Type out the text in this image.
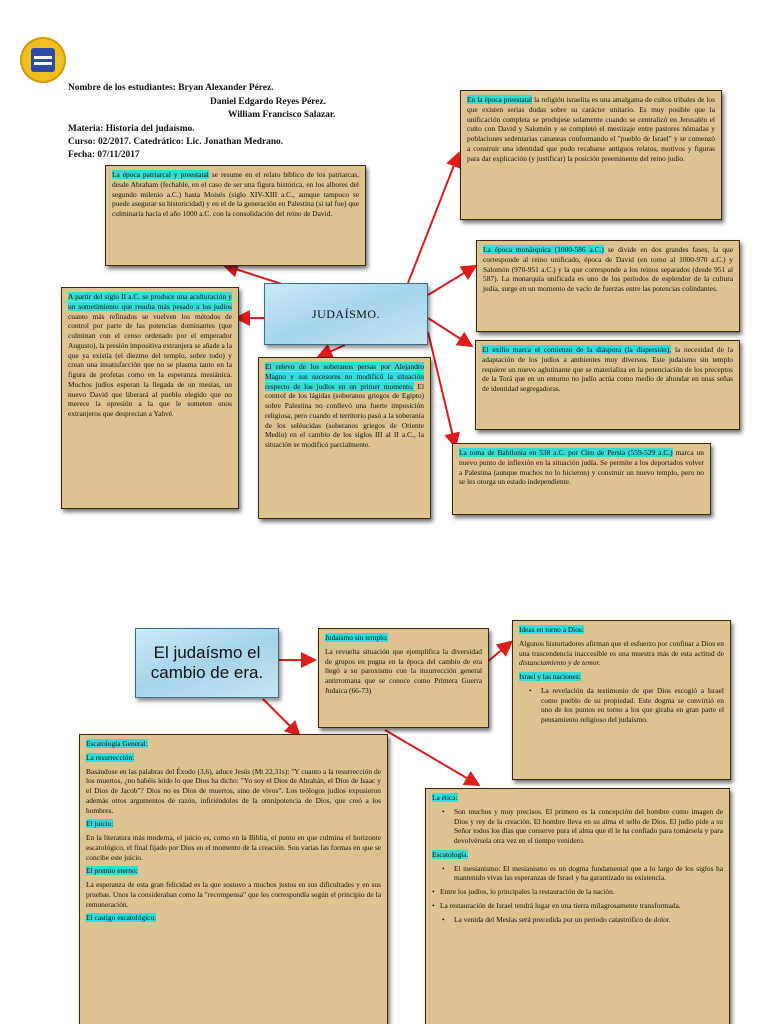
Nombre de los estudiantes: Bryan Alexander Pérez.
Daniel Edgardo Reyes Pérez.
William Francisco Salazar.
Materia: Historia del judaísmo.
Curso: 02/2017. Catedrático: Lic. Jonathan Medrano.
Fecha: 07/11/2017
JUDAÍSMO.
La época patriarcal y preestatal se resume en el relato bíblico de los patriarcas, desde Abraham (fechable, en el caso de ser una figura histórica, en los albores del segundo milenio a.C.) hasta Moisés (siglo XIV-XIII a.C., aunque tampoco se puede asegurar su historicidad) y en el de la generación en Palestina (si tal fue) que culminaría hacia el año 1000 a.C. con la consolidación del reino de David.
En la época preestatal la religión israelita es una amalgama de cultos tribales de los que existen serias dudas sobre su carácter unitario. Es muy posible que la unificación completa se produjese solamente cuando se centralizó en Jerusalén el culto con David y Salomón y se completó el mestizaje entre pastores nómadas y poblaciones sedentarias cananeas conformando el "pueblo de Israel" y se comenzó a construir una identidad que pudo recabarse antiguos relatos, motivos y figuras para dar explicación (y justificar) la posición preeminente del reino judío.
La época monárquica (1000-586 a.C.) se divide en dos grandes fases, la que corresponde al reino unificado, época de David (en torno al 1000-970 a.C.) y Salomón (970-951 a.C.) y la que corresponde a los reinos separados (desde 951 al 587). La monarquía unificada es uno de los períodos de esplendor de la cultura judía, surge en un momento de vacío de fuerzas entre las potencias colindantes.
El exilio marca el comienzo de la diáspora (la dispersión), la necesidad de la adaptación de los judíos a ambientes muy diversos. Este judaísmo sin templo requiere un nuevo aglutinante que se materializa en la potenciación de los preceptos de la Torá que en un entorno no judío actúa como medio de ahondar en unas señas de identidad segregadoras.
La toma de Babilonia en 538 a.C. por Ciro de Persia (559-529 a.C.) marca un nuevo punto de inflexión en la situación judía. Se permite a los deportados volver a Palestina (aunque muchos no lo hicieron) y construir un nuevo templo, pero no se les otorga un estado independiente.
A partir del siglo II a.C. se produce una aculturación y un sometimiento que resulta más pesado a los judíos cuanto más refinados se vuelven los métodos de control por parte de las potencias dominantes (que culminan con el censo ordenado por el emperador Augusto), la presión impositiva extranjera se añade a la que ya existía (el diezmo del templo, sobre todo) y crean una insatisfacción que no se plasma tanto en la figura de profetas como en la esperanza mesiánica. Muchos judíos esperan la llegada de un mesías, un nuevo David que liberará al pueblo elegido que no merece la opresión a la que le someten unos extranjeros que desprecian a Yahvé.
El relevo de los soberanos persas por Alejandro Magno y sus sucesores no modificó la situación respecto de los judíos en un primer momento. El control de los lágidas (soberanos griegos de Egipto) sobre Palestina no conllevó una fuerte imposición religiosa, pero cuando el territorio pasó a la soberanía de los seléucidas (soberanos griegos de Oriente Medio) en el cambio de los siglos III al II a.C., la situación se modificó parcialmente.
El judaísmo el
cambio de era.

Judaísmo sin templo:

La revuelta situación que ejemplifica la diversidad de grupos en pugna en la época del cambio de era llegó a su paroxismo con la insurrección general antirromana que se conoce como Primera Guerra Judaica (66-73)

Ideas en torno a Dios:

Algunos historiadores afirman que el esfuerzo por confinar a Dios en una trascendencia inaccesible es una muestra más de esta actitud de distanciamiento y de temor.

Israel y las naciones:

• La revelación da testimonio de que Dios escogió a Israel como pueblo de su propiedad. Este dogma se convirtió en uno de los puntos en torno a los que giraba en gran parte el pensamiento religioso del judaísmo.

Escatología General:

La resurrección:

Basándose en las palabras del Éxodo (3,6), aduce Jesús (Mt 22,31s): "Y cuanto a la resurrección de los muertos, ¿no habéis leído lo que Dios ha dicho: "Yo soy el Dios de Abrahán, el Dios de Isaac y el Dios de Jacob"? Dios no es Dios de muertos, sino de vivos". Los teólogos judíos expusieron además otros argumentos de razón, infiriéndolos de la omnipotencia de Dios, que creó a los hombres.

El juicio:

En la literatura más moderna, el juicio es, como en la Biblia, el punto en que culmina el horizonte escatológico, el final fijado por Dios en el momento de la creación. Son varias las formas en que se concibe este juicio.

El premio eterno:

La esperanza de esta gran felicidad es la que sostuvo a muchos justos en sus dificultades y en sus pruebas. Unos la consideraban como la "recompensa" que les correspondía según el principio de la remuneración.

El castigo escatológico:

La ética:

• Son muchos y muy precisos. El primero es la concepción del hombre como imagen de Dios y rey de la creación. El hombre lleva en su alma el sello de Dios. El judío pide a su Señor todos los días que conserve pura el alma que él le ha confiado para tomársela y para devolvérsela otra vez en el tiempo venidero.

Escatología.

• El mesianismo: El mesianismo es un dogma fundamental que a lo largo de los siglos ha mantenido vivas las esperanzas de Israel y ha garantizado su existencia.

• Entre los judíos, lo principales la restauración de la nación.

• La restauración de Israel tendrá lugar en una tierra milagrosamente transformada.

• La venida del Mesías será precedida por un período catastrófico de dolor.
